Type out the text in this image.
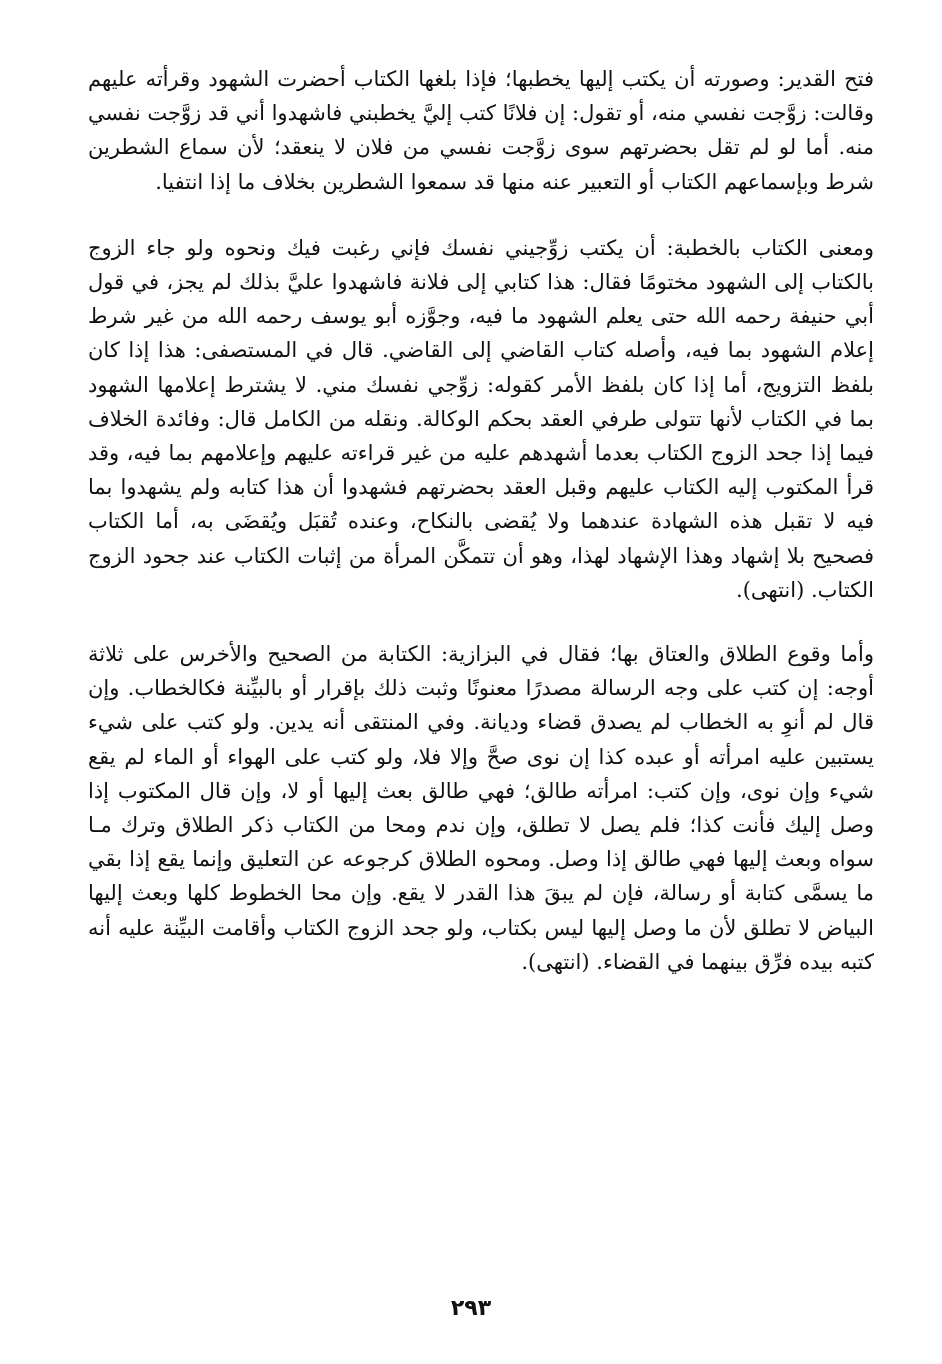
فتح القدير: وصورته أن يكتب إليها يخطبها؛ فإذا بلغها الكتاب أحضرت الشهود وقرأته عليهم وقالت: زوَّجت نفسي منه، أو تقول: إن فلانًا كتب إليَّ يخطبني فاشهدوا أني قد زوَّجت نفسي منه. أما لو لم تقل بحضرتهم سوى زوَّجت نفسي من فلان لا ينعقد؛ لأن سماع الشطرين شرط وبإسماعهم الكتاب أو التعبير عنه منها قد سمعوا الشطرين بخلاف ما إذا انتفيا.

ومعنى الكتاب بالخطبة: أن يكتب زوِّجيني نفسك فإني رغبت فيك ونحوه ولو جاء الزوج بالكتاب إلى الشهود مختومًا فقال: هذا كتابي إلى فلانة فاشهدوا عليَّ بذلك لم يجز، في قول أبي حنيفة رحمه الله حتى يعلم الشهود ما فيه، وجوَّزه أبو يوسف رحمه الله من غير شرط إعلام الشهود بما فيه، وأصله كتاب القاضي إلى القاضي. قال في المستصفى: هذا إذا كان بلفظ التزويج، أما إذا كان بلفظ الأمر كقوله: زوِّجي نفسك مني. لا يشترط إعلامها الشهود بما في الكتاب لأنها تتولى طرفي العقد بحكم الوكالة. ونقله من الكامل قال: وفائدة الخلاف فيما إذا جحد الزوج الكتاب بعدما أشهدهم عليه من غير قراءته عليهم وإعلامهم بما فيه، وقد قرأ المكتوب إليه الكتاب عليهم وقبل العقد بحضرتهم فشهدوا أن هذا كتابه ولم يشهدوا بما فيه لا تقبل هذه الشهادة عندهما ولا يُقضى بالنكاح، وعنده تُقبَل ويُقضَى به، أما الكتاب فصحيح بلا إشهاد وهذا الإشهاد لهذا، وهو أن تتمكَّن المرأة من إثبات الكتاب عند جحود الزوج الكتاب. (انتهى).

وأما وقوع الطلاق والعتاق بها؛ فقال في البزازية: الكتابة من الصحيح والأخرس على ثلاثة أوجه: إن كتب على وجه الرسالة مصدرًا معنونًا وثبت ذلك بإقرار أو بالبيِّنة فكالخطاب. وإن قال لم أنوِ به الخطاب لم يصدق قضاء وديانة. وفي المنتقى أنه يدين. ولو كتب على شيء يستبين عليه امرأته أو عبده كذا إن نوى صحَّ وإلا فلا، ولو كتب على الهواء أو الماء لم يقع شيء وإن نوى، وإن كتب: امرأته طالق؛ فهي طالق بعث إليها أو لا، وإن قال المكتوب إذا وصل إليك فأنت كذا؛ فلم يصل لا تطلق، وإن ندم ومحا من الكتاب ذكر الطلاق وترك مـا سواه وبعث إليها فهي طالق إذا وصل. ومحوه الطلاق كرجوعه عن التعليق وإنما يقع إذا بقي ما يسمَّى كتابة أو رسالة، فإن لم يبقَ هذا القدر لا يقع. وإن محا الخطوط كلها وبعث إليها البياض لا تطلق لأن ما وصل إليها ليس بكتاب، ولو جحد الزوج الكتاب وأقامت البيِّنة عليه أنه كتبه بيده فرِّق بينهما في القضاء. (انتهى).

٢٩٣
